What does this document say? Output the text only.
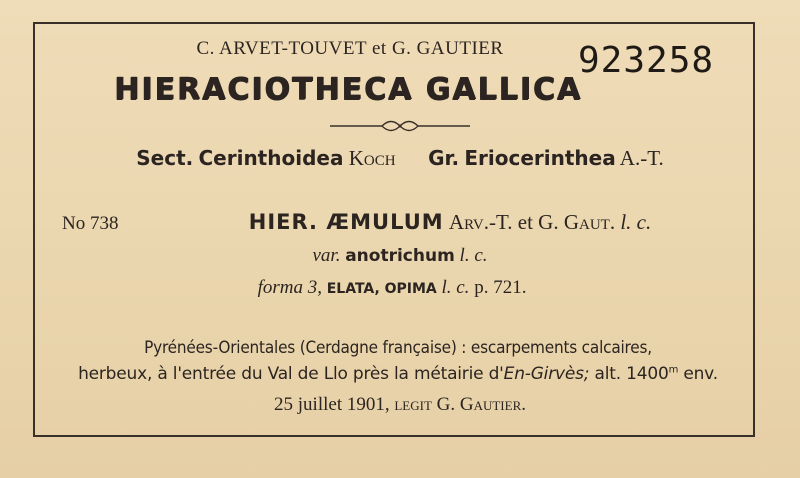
C. ARVET-TOUVET et G. GAUTIER	923258
HIERACIOTHECA GALLICA
Sect. Cerinthoidea Koch Gr. Eriocerinthea A.-T.
No 738	HIER. ÆMULUM Arv.-T. et G. Gaut. l. c.
var. anotrichum l. c.
forma 3, ELATA, OPIMA l. c. p. 721.
Pyrénées-Orientales (Cerdagne française) : escarpements calcaires,
herbeux, à l'entrée du Val de Llo près la métairie d'En-Girvès; alt. 1400$^m$ env.
25 juillet 1901, legit G. Gautier.
